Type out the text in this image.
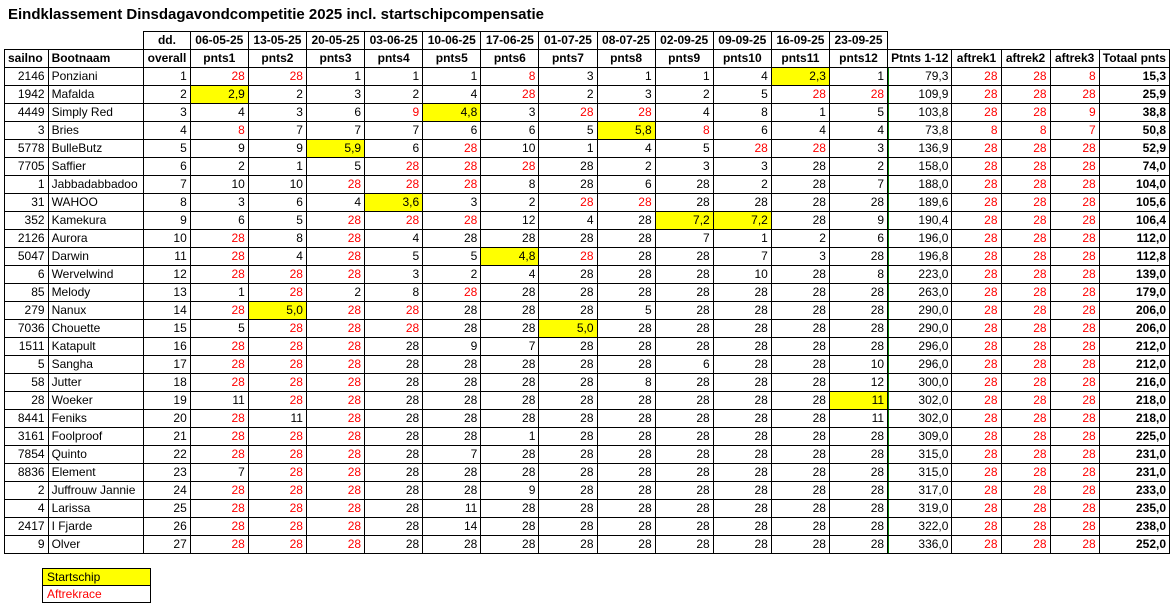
Eindklassement Dinsdagavondcompetitie 2025 incl. startschipcompensatie
		dd.	06-05-25	13-05-25	20-05-25	03-06-25	10-06-25	17-06-25	01-07-25	08-07-25	02-09-25	09-09-25	16-09-25	23-09-25					
sailno	Bootnaam	overall	pnts1	pnts2	pnts3	pnts4	pnts5	pnts6	pnts7	pnts8	pnts9	pnts10	pnts11	pnts12	Ptnts 1-12	aftrek1	aftrek2	aftrek3	Totaal pnts
2146	Ponziani	1	28	28	1	1	1	8	3	1	1	4	2,3	1	79,3	28	28	8	15,3
1942	Mafalda	2	2,9	2	3	2	4	28	2	3	2	5	28	28	109,9	28	28	28	25,9
4449	Simply Red	3	4	3	6	9	4,8	3	28	28	4	8	1	5	103,8	28	28	9	38,8
3	Bries	4	8	7	7	7	6	6	5	5,8	8	6	4	4	73,8	8	8	7	50,8
5778	BulleButz	5	9	9	5,9	6	28	10	1	4	5	28	28	3	136,9	28	28	28	52,9
7705	Saffier	6	2	1	5	28	28	28	28	2	3	3	28	2	158,0	28	28	28	74,0
1	Jabbadabbadoo	7	10	10	28	28	28	8	28	6	28	2	28	7	188,0	28	28	28	104,0
31	WAHOO	8	3	6	4	3,6	3	2	28	28	28	28	28	28	189,6	28	28	28	105,6
352	Kamekura	9	6	5	28	28	28	12	4	28	7,2	7,2	28	9	190,4	28	28	28	106,4
2126	Aurora	10	28	8	28	4	28	28	28	28	7	1	2	6	196,0	28	28	28	112,0
5047	Darwin	11	28	4	28	5	5	4,8	28	28	28	7	3	28	196,8	28	28	28	112,8
6	Wervelwind	12	28	28	28	3	2	4	28	28	28	10	28	8	223,0	28	28	28	139,0
85	Melody	13	1	28	2	8	28	28	28	28	28	28	28	28	263,0	28	28	28	179,0
279	Nanux	14	28	5,0	28	28	28	28	28	5	28	28	28	28	290,0	28	28	28	206,0
7036	Chouette	15	5	28	28	28	28	28	5,0	28	28	28	28	28	290,0	28	28	28	206,0
1511	Katapult	16	28	28	28	28	9	7	28	28	28	28	28	28	296,0	28	28	28	212,0
5	Sangha	17	28	28	28	28	28	28	28	28	6	28	28	10	296,0	28	28	28	212,0
58	Jutter	18	28	28	28	28	28	28	28	8	28	28	28	12	300,0	28	28	28	216,0
28	Woeker	19	11	28	28	28	28	28	28	28	28	28	28	11	302,0	28	28	28	218,0
8441	Feniks	20	28	11	28	28	28	28	28	28	28	28	28	11	302,0	28	28	28	218,0
3161	Foolproof	21	28	28	28	28	28	1	28	28	28	28	28	28	309,0	28	28	28	225,0
7854	Quinto	22	28	28	28	28	7	28	28	28	28	28	28	28	315,0	28	28	28	231,0
8836	Element	23	7	28	28	28	28	28	28	28	28	28	28	28	315,0	28	28	28	231,0
2	Juffrouw Jannie	24	28	28	28	28	28	9	28	28	28	28	28	28	317,0	28	28	28	233,0
4	Larissa	25	28	28	28	28	11	28	28	28	28	28	28	28	319,0	28	28	28	235,0
2417	I Fjarde	26	28	28	28	28	14	28	28	28	28	28	28	28	322,0	28	28	28	238,0
9	Olver	27	28	28	28	28	28	28	28	28	28	28	28	28	336,0	28	28	28	252,0
Startschip
Aftrekrace
